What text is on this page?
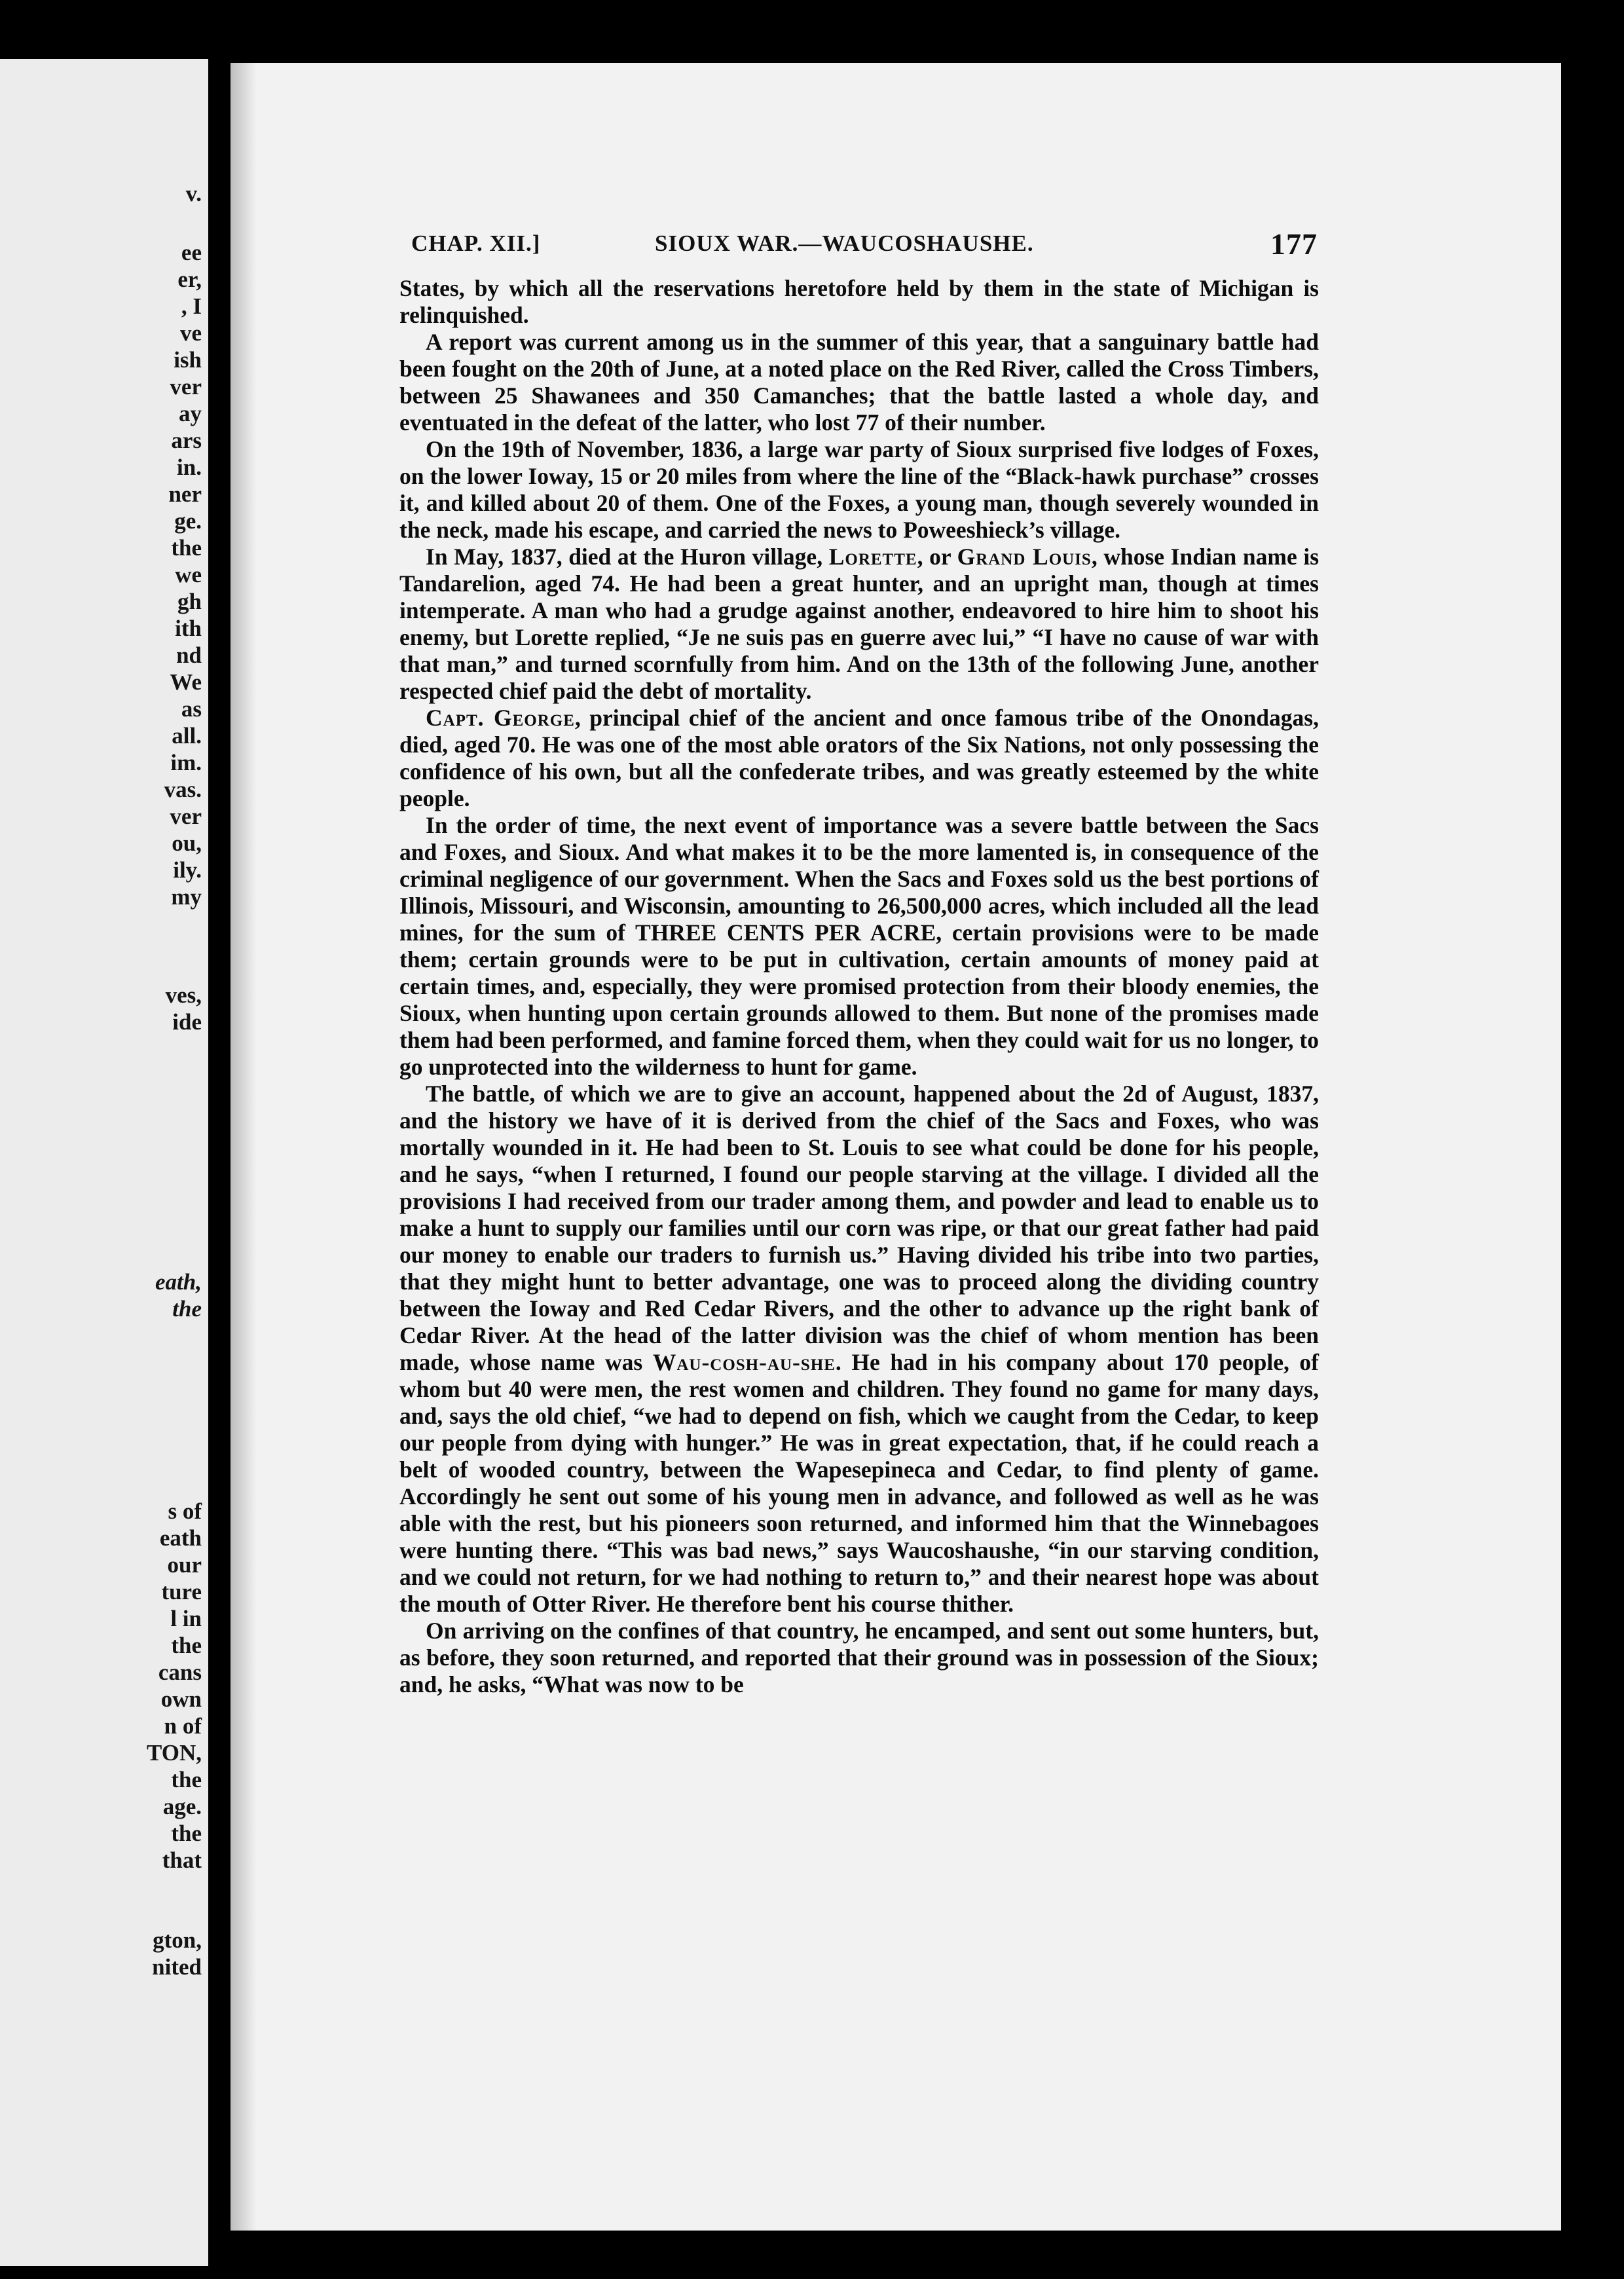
v.
ee
er,
, I
ve
ish
ver
ay
ars
in.
ner
ge.
the
we
gh
ith
nd
We
as
all.
im.
vas.
ver
ou,
ily.
my
ves,
ide
eath,
the
s of
eath
our
ture
l in
the
cans
own
n of
TON,
the
age.
the
that
gton,
nited
CHAP. XII.]	SIOUX WAR.—WAUCOSHAUSHE.	177

States, by which all the reservations heretofore held by them in the state of Michigan is relinquished.

A report was current among us in the summer of this year, that a sanguinary battle had been fought on the 20th of June, at a noted place on the Red River, called the Cross Timbers, between 25 Shawanees and 350 Camanches; that the battle lasted a whole day, and eventuated in the defeat of the latter, who lost 77 of their number.

On the 19th of November, 1836, a large war party of Sioux surprised five lodges of Foxes, on the lower Ioway, 15 or 20 miles from where the line of the “Black-hawk purchase” crosses it, and killed about 20 of them. One of the Foxes, a young man, though severely wounded in the neck, made his escape, and carried the news to Poweeshieck’s village.

In May, 1837, died at the Huron village, Lorette, or Grand Louis, whose Indian name is Tandarelion, aged 74. He had been a great hunter, and an upright man, though at times intemperate. A man who had a grudge against another, endeavored to hire him to shoot his enemy, but Lorette replied, “Je ne suis pas en guerre avec lui,” “I have no cause of war with that man,” and turned scornfully from him. And on the 13th of the following June, another respected chief paid the debt of mortality.

Capt. George, principal chief of the ancient and once famous tribe of the Onondagas, died, aged 70. He was one of the most able orators of the Six Nations, not only possessing the confidence of his own, but all the confederate tribes, and was greatly esteemed by the white people.

In the order of time, the next event of importance was a severe battle between the Sacs and Foxes, and Sioux. And what makes it to be the more lamented is, in consequence of the criminal negligence of our government. When the Sacs and Foxes sold us the best portions of Illinois, Missouri, and Wisconsin, amounting to 26,500,000 acres, which included all the lead mines, for the sum of THREE CENTS PER ACRE, certain provisions were to be made them; certain grounds were to be put in cultivation, certain amounts of money paid at certain times, and, especially, they were promised protection from their bloody enemies, the Sioux, when hunting upon certain grounds allowed to them. But none of the promises made them had been performed, and famine forced them, when they could wait for us no longer, to go unprotected into the wilderness to hunt for game.

The battle, of which we are to give an account, happened about the 2d of August, 1837, and the history we have of it is derived from the chief of the Sacs and Foxes, who was mortally wounded in it. He had been to St. Louis to see what could be done for his people, and he says, “when I returned, I found our people starving at the village. I divided all the provisions I had received from our trader among them, and powder and lead to enable us to make a hunt to supply our families until our corn was ripe, or that our great father had paid our money to enable our traders to furnish us.” Having divided his tribe into two parties, that they might hunt to better advantage, one was to proceed along the dividing country between the Ioway and Red Cedar Rivers, and the other to advance up the right bank of Cedar River. At the head of the latter division was the chief of whom mention has been made, whose name was Wau-cosh-au-she. He had in his company about 170 people, of whom but 40 were men, the rest women and children. They found no game for many days, and, says the old chief, “we had to depend on fish, which we caught from the Cedar, to keep our people from dying with hunger.” He was in great expectation, that, if he could reach a belt of wooded country, between the Wapesepineca and Cedar, to find plenty of game. Accordingly he sent out some of his young men in advance, and followed as well as he was able with the rest, but his pioneers soon returned, and informed him that the Winnebagoes were hunting there. “This was bad news,” says Waucoshaushe, “in our starving condition, and we could not return, for we had nothing to return to,” and their nearest hope was about the mouth of Otter River. He therefore bent his course thither.

On arriving on the confines of that country, he encamped, and sent out some hunters, but, as before, they soon returned, and reported that their ground was in possession of the Sioux; and, he asks, “What was now to be
